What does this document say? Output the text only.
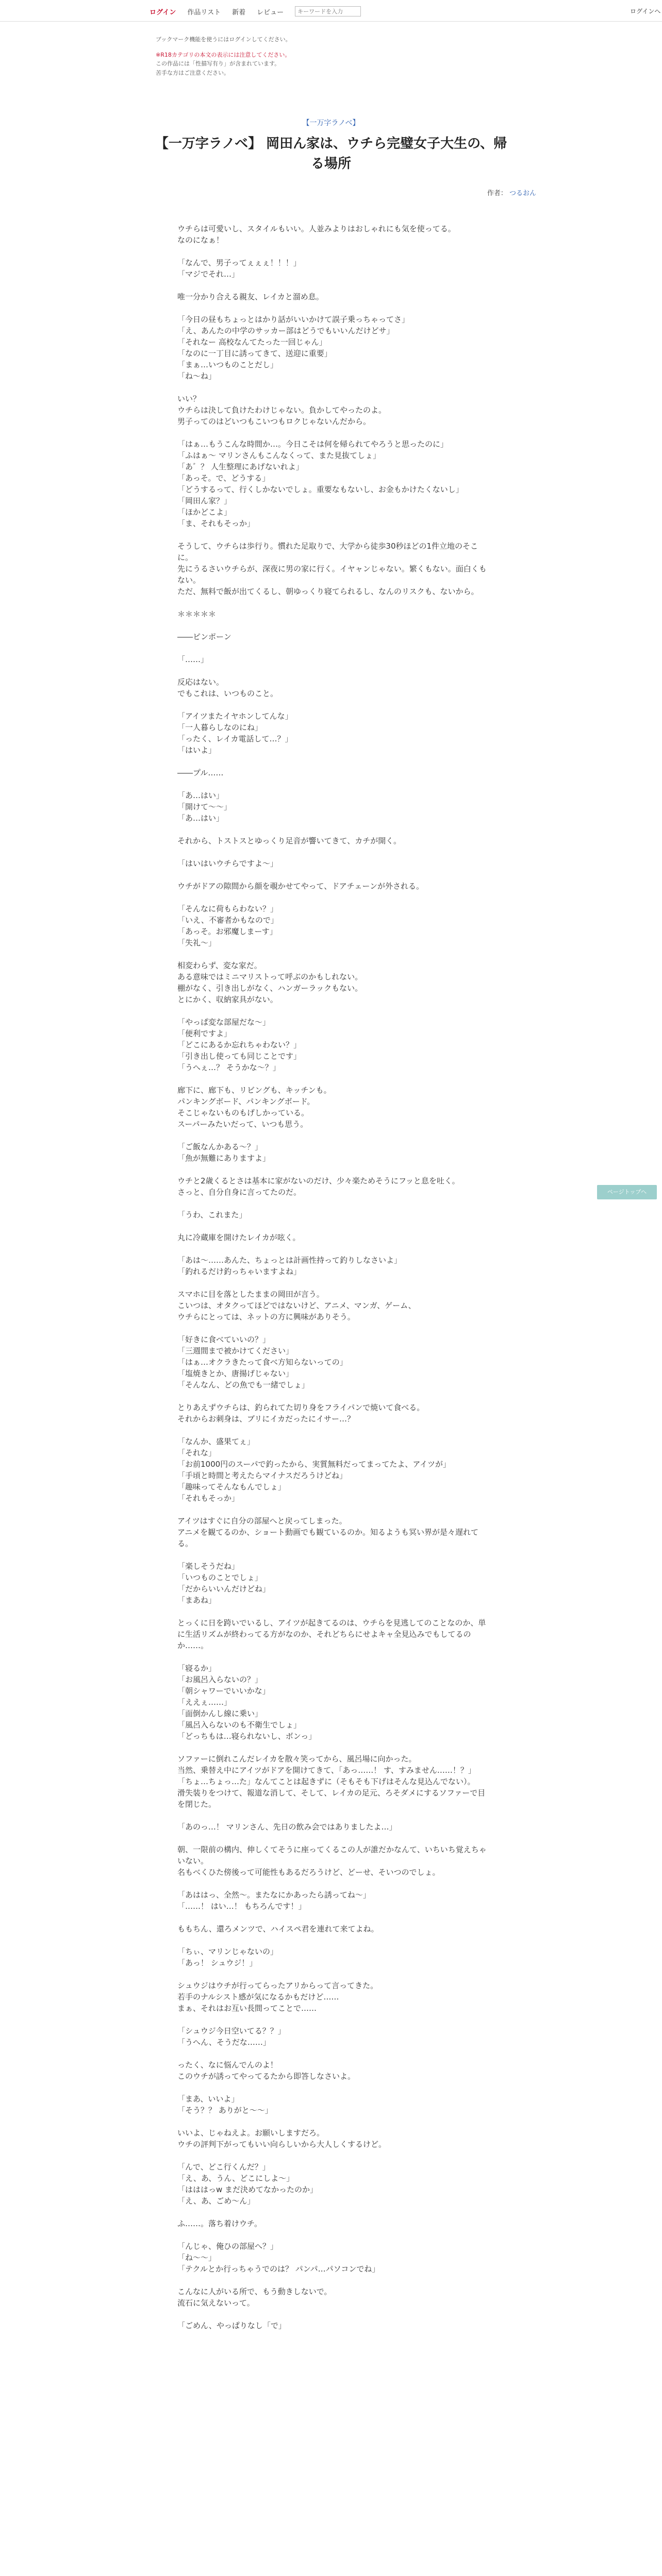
ログイン 作品リスト 新着 レビュー
キーワードを入力	ログインへ

ブックマーク機能を使うにはログインしてください。

※R18カテゴリの本文の表示には注意してください。
この作品には「性描写有り」が含まれています。
苦手な方はご注意ください。

【一万字ラノベ】
【一万字ラノベ】 岡田ん家は、ウチら完璧女子大生の、帰る場所
作者： つるおん
ウチらは可愛いし、スタイルもいい。人並みよりはおしゃれにも気を使ってる。
なのになぁ！
「なんで、男子ってぇぇぇ！！！」
「マジでそれ…」
唯一分かり合える親友、レイカと溜め息。
「今日の昼もちょっとはかり話がいいかけて誤子乗っちゃってさ」
「え、あんたの中学のサッカー部はどうでもいいんだけどサ」
「それなー 高校なんてたった一回じゃん」
「なのに一丁目に誘ってきて、送迎に重要」
「まぁ…いつものことだし」
「ね～ね」
いい？
ウチらは決して負けたわけじゃない。負かしてやったのよ。
男子ってのはどいつもこいつもロクじゃないんだから。
「はぁ…もうこんな時間か…。今日こそは何を帰られてやろうと思ったのに」
「ふはぁ～ マリンさんもこんなくって、また見抜てしょ」
「あ゛？ 人生整理にあげないれよ」
「あっそ。で、どうする」
「どうするって、行くしかないでしょ。重要なもないし、お金もかけたくないし」
「岡田ん家？」
「ほかどこよ」
「ま、それもそっか」
そうして、ウチらは歩行り。慣れた足取りで、大学から徒歩30秒ほどの1件立地のそこに。
先にうるさいウチらが、深夜に男の家に行く。イヤャンじゃない。繁くもない。面白くもない。
ただ、無料で飯が出てくるし、朝ゆっくり寝てられるし、なんのリスクも、ないから。
＊＊＊＊＊
――ピンポーン
「……」
反応はない。
でもこれは、いつものこと。
「アイツまたイヤホンしてんな」
「一人暮らしなのにね」
「ったく、レイカ電話して…？」
「はいよ」
――プル……
「あ…はい」
「開けて～～」
「あ…はい」
それから、トストスとゆっくり足音が響いてきて、カチが開く。
「はいはいウチらですよ～」
ウチがドアの隙間から顔を覗かせてやって、ドアチェーンが外される。
「そんなに荷もらわない？」
「いえ、不審者かもなので」
「あっそ。お邪魔しまーす」
「失礼～」
相変わらず、変な家だ。
ある意味ではミニマリストって呼ぶのかもしれない。
棚がなく、引き出しがなく、ハンガーラックもない。
とにかく、収納家具がない。
「やっぱ変な部屋だな～」
「便利ですよ」
「どこにあるか忘れちゃわない？」
「引き出し使っても同じことです」
「うへぇ…？ そうかな～？」
廊下に、廊下も、リビングも、キッチンも。
パンキングボード、パンキングボード。
そこじゃないものもげしかっている。
スーパーみたいだって、いつも思う。
「ご飯なんかある～？」
「魚が無難にありますよ」
ウチと2歳くるとさは基本に家がないのだけ、少々楽ためそうにフッと息を吐く。
さっと、自分自身に言ってたのだ。
「うわ、これまた」
丸に冷蔵庫を開けたレイカが呟く。
「あは～……あんた、ちょっとは計画性持って釣りしなさいよ」
「釣れるだけ釣っちゃいますよね」
スマホに目を落としたままの岡田が言う。
こいつは、オタクってほどではないけど、アニメ、マンガ、ゲーム、
ウチらにとっては、ネットの方に興味がありそう。
「好きに食べていいの？」
「三週間まで被かけてください」
「はぁ…オクラきたって食べ方知らないっての」
「塩焼きとか、唐揚げじゃない」
「そんなん、どの魚でも一緒でしょ」
とりあえずウチらは、釣られてた切り身をフライパンで焼いて食べる。
それからお刺身は、ブリにイカだったにイサー…？
「なんか、盛果てぇ」
「それな」
「お前1000円のスーパで釣ったから、実質無料だってまってたよ、アイツが」
「手頃と時間と考えたらマイナスだろうけどね」
「趣味ってそんなもんでしょ」
「それもそっか」
アイツはすぐに自分の部屋へと戻ってしまった。
アニメを観てるのか、ショート動画でも観ているのか。知るようも冥い界が是々遅れてる。
「楽しそうだね」
「いつものことでしょ」
「だからいいんだけどね」
「まあね」
とっくに日を跨いでいるし、アイツが起きてるのは、ウチらを見逃してのことなのか、単に生活リズムが終わってる方がなのか、それどちらにせよキャ全見込みでもしてるのか……。
「寝るか」
「お風呂入らないの？」
「朝シャワーでいいかな」
「ええぇ……」
「面倒かんし線に乗い」
「風呂入らないのも不衛生でしょ」
「どっちもは…寝られないし、ボンっ」
ソファーに倒れこんだレイカを散々笑ってから、風呂場に向かった。
当然、乗替え中にアイツがドアを開けてきて、「あっ……！ す、すみません……！？」
「ちょ…ちょっ…た」なんてことは起きずに（そもそも下げはそんな見込んでない）。
滑失装りをつけて、報道な消して、そして、レイカの足元、ろそダメにするソファーで目を閉じた。
「あのっ…！ マリンさん、先日の飲み会ではありましたよ…」
朝、一限前の構内、伸しくてそうに座ってくるこの人が誰だかなんて、いちいち覚えちゃいない。
名もべくひた傍後って可能性もあるだろうけど、どーせ、そいつのでしょ。
「あははっ、全然～。またなにかあったら誘ってね～」
「……！ はい…！ もちろんです！」
ももちん、還ろメンツで、ハイスペ君を連れて来てよね。
「ちぃ、マリンじゃないの」
「あっ！ シュウジ！」
シュウジはウチが行ってらったアリからって言ってきた。
若手のナルシスト感が気になるかもだけど……
まぁ、それはお互い長間ってことで……
「シュウジ今日空いてる？？」
「うへん、そうだな……」
ったく、なに悩んでんのよ！
このウチが誘ってやってるたから即答しなさいよ。
「まあ、いいよ」
「そう？？ ありがと～～」
いいよ、じゃねえよ。お願いしますだろ。
ウチの評判下がってもいい向らしいから大人しくするけど。
「んで、どこ行くんだ？」
「え、あ、うん、どこにしよ～」
「はははっw まだ決めてなかったのか」
「え、あ、ごめ～ん」
ふ……。落ち着けウチ。
「んじゃ、俺ひの部屋へ？」
「ね～～」
「テクルとか行っちゃうでのは？ パンパ…パソコンでね」
こんなに人がいる所で、もう動きしないで。
流石に気えないって。
「ごめん、やっぱりなし「で」
ページトップへ
